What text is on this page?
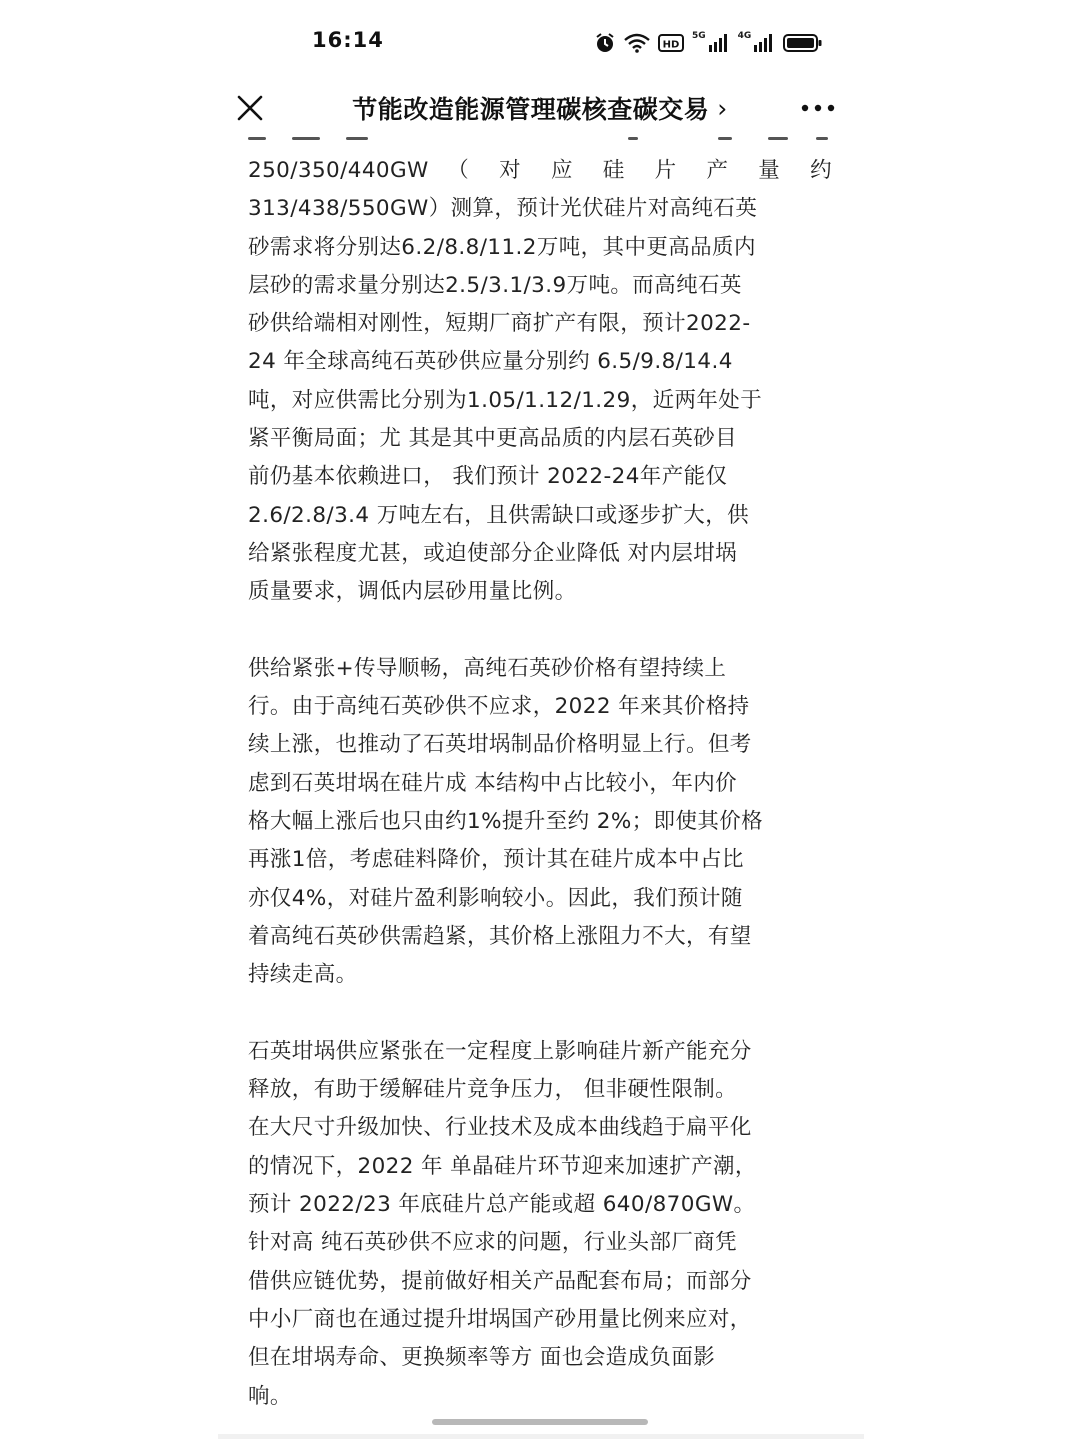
16:14	HD
5G	4G
节能改造能源管理碳核查碳交易 ›
250/350/440GW （ 对 应 硅 片 产 量 约
313/438/550GW）测算，预计光伏硅片对高纯石英
砂需求将分别达6.2/8.8/11.2万吨，其中更高品质内
层砂的需求量分别达2.5/3.1/3.9万吨。而高纯石英
砂供给端相对刚性，短期厂商扩产有限，预计2022-
24 年全球高纯石英砂供应量分别约 6.5/9.8/14.4
吨，对应供需比分别为1.05/1.12/1.29，近两年处于
紧平衡局面；尤 其是其中更高品质的内层石英砂目
前仍基本依赖进口， 我们预计 2022-24年产能仅
2.6/2.8/3.4 万吨左右，且供需缺口或逐步扩大，供
给紧张程度尤甚，或迫使部分企业降低 对内层坩埚
质量要求，调低内层砂用量比例。
供给紧张+传导顺畅，高纯石英砂价格有望持续上
行。由于高纯石英砂供不应求，2022 年来其价格持
续上涨，也推动了石英坩埚制品价格明显上行。但考
虑到石英坩埚在硅片成 本结构中占比较小，年内价
格大幅上涨后也只由约1%提升至约 2%；即使其价格
再涨1倍，考虑硅料降价，预计其在硅片成本中占比
亦仅4%，对硅片盈利影响较小。因此，我们预计随
着高纯石英砂供需趋紧，其价格上涨阻力不大，有望
持续走高。
石英坩埚供应紧张在一定程度上影响硅片新产能充分
释放，有助于缓解硅片竞争压力， 但非硬性限制。
在大尺寸升级加快、行业技术及成本曲线趋于扁平化
的情况下，2022 年 单晶硅片环节迎来加速扩产潮，
预计 2022/23 年底硅片总产能或超 640/870GW。
针对高 纯石英砂供不应求的问题，行业头部厂商凭
借供应链优势，提前做好相关产品配套布局；而部分
中小厂商也在通过提升坩埚国产砂用量比例来应对，
但在坩埚寿命、更换频率等方 面也会造成负面影
响。
